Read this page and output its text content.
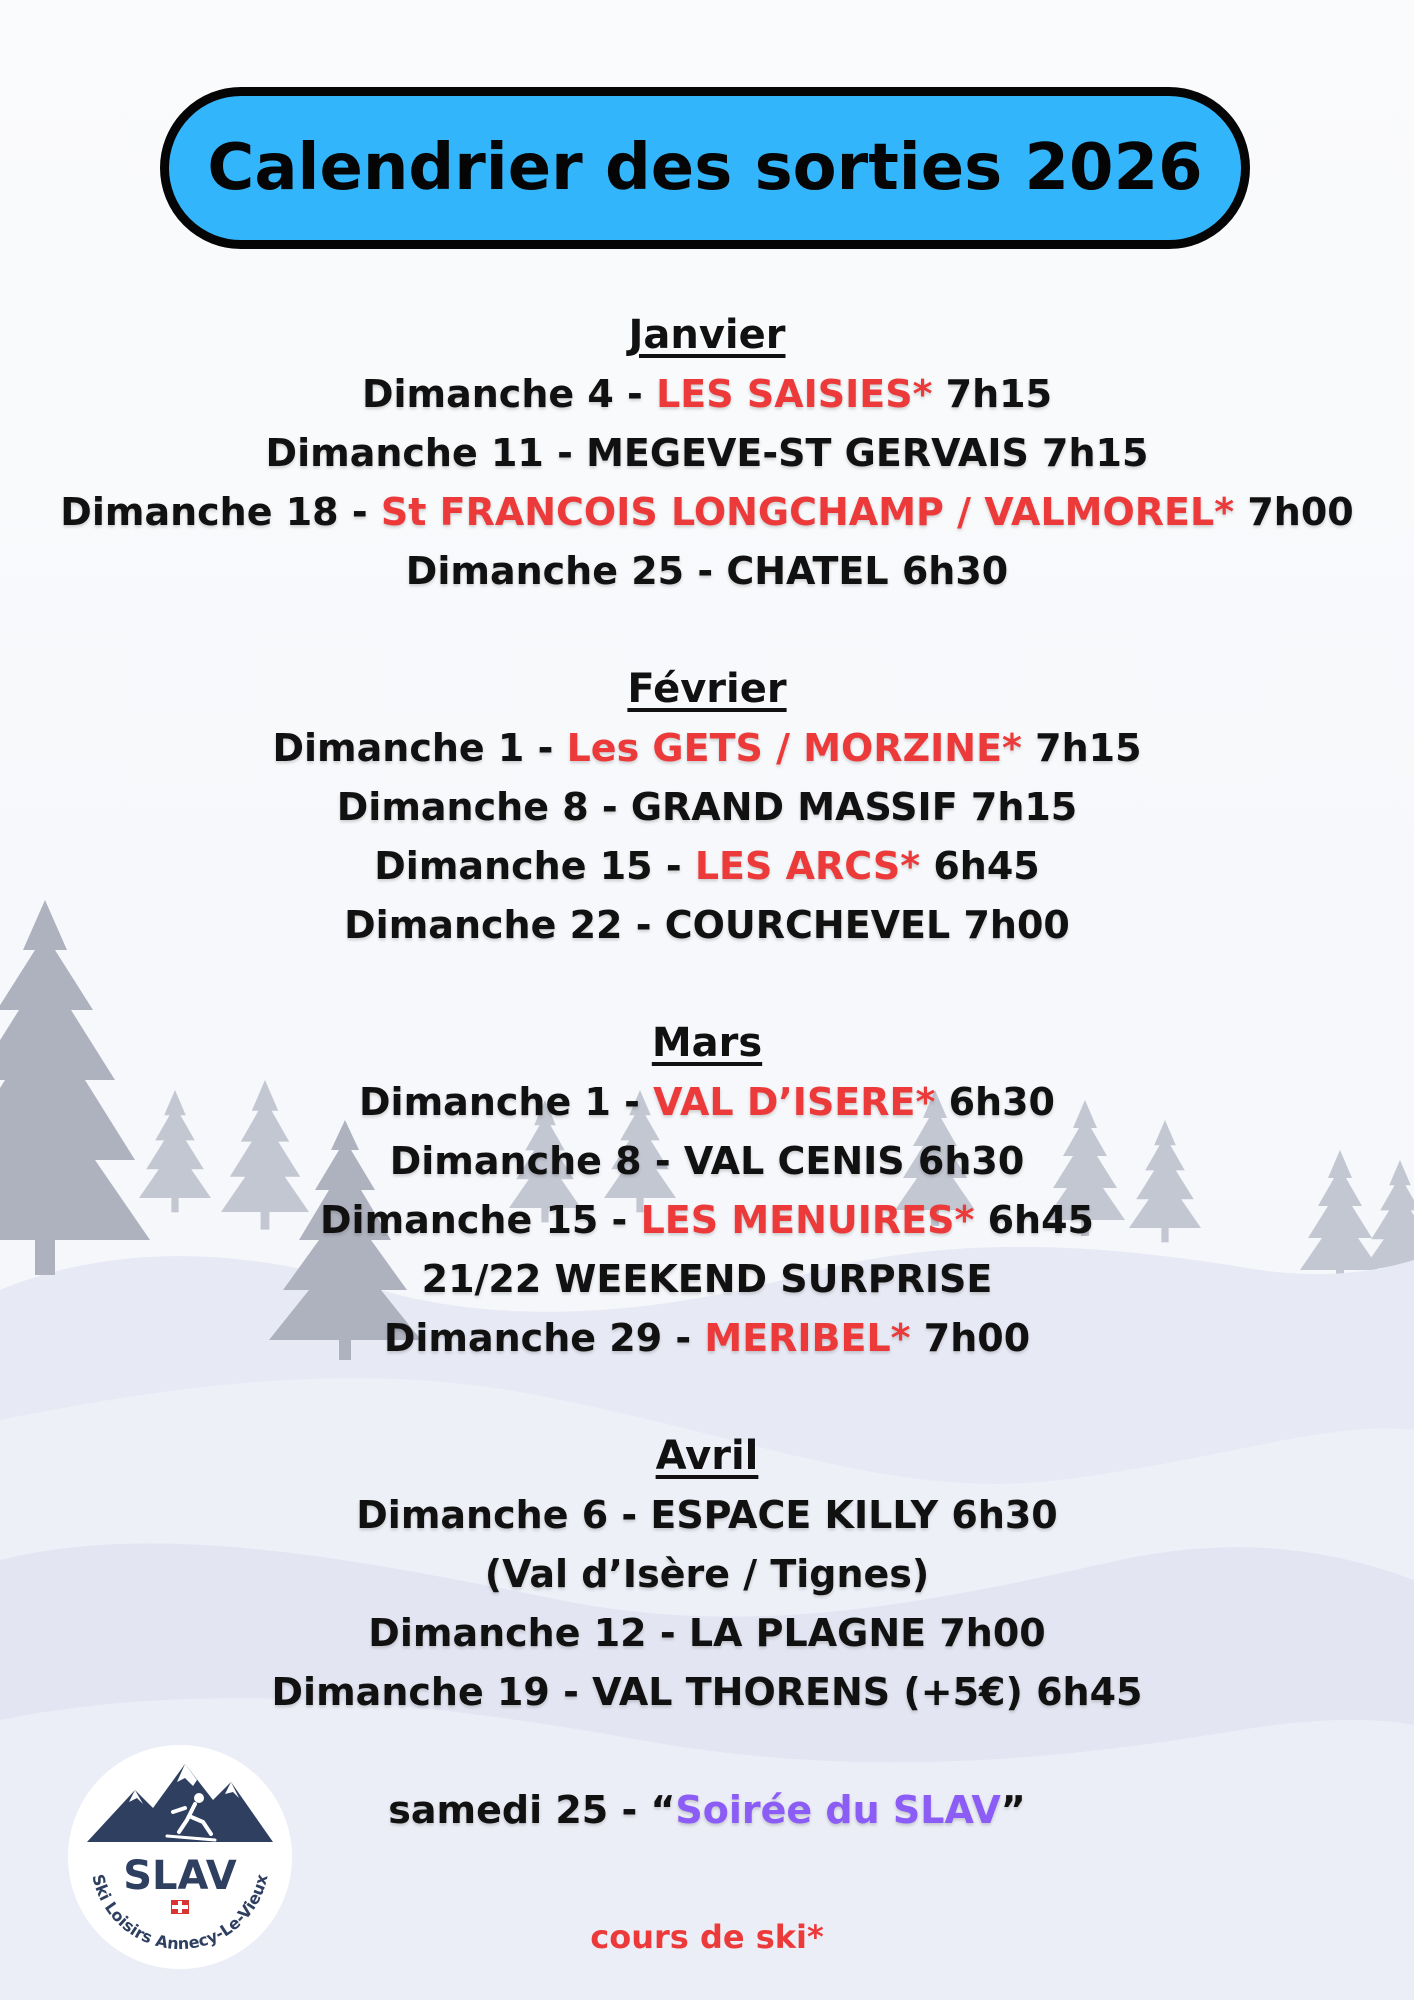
Calendrier des sorties 2026
Janvier
Dimanche 4 - LES SAISIES* 7h15
Dimanche 11 - MEGEVE-ST GERVAIS 7h15
Dimanche 18 - St FRANCOIS LONGCHAMP / VALMOREL* 7h00
Dimanche 25 - CHATEL 6h30
Février
Dimanche 1 - Les GETS / MORZINE* 7h15
Dimanche 8 - GRAND MASSIF 7h15
Dimanche 15 - LES ARCS* 6h45
Dimanche 22 - COURCHEVEL 7h00
Mars
Dimanche 1 - VAL D’ISERE* 6h30
Dimanche 8 - VAL CENIS 6h30
Dimanche 15 - LES MENUIRES* 6h45
21/22 WEEKEND SURPRISE
Dimanche 29 - MERIBEL* 7h00
Avril
Dimanche 6 - ESPACE KILLY 6h30
(Val d’Isère / Tignes)
Dimanche 12 - LA PLAGNE 7h00
Dimanche 19 - VAL THORENS (+5€) 6h45
samedi 25 - “Soirée du SLAV”
cours de ski*
SLAV
Ski Loisirs Annecy-Le-Vieux
